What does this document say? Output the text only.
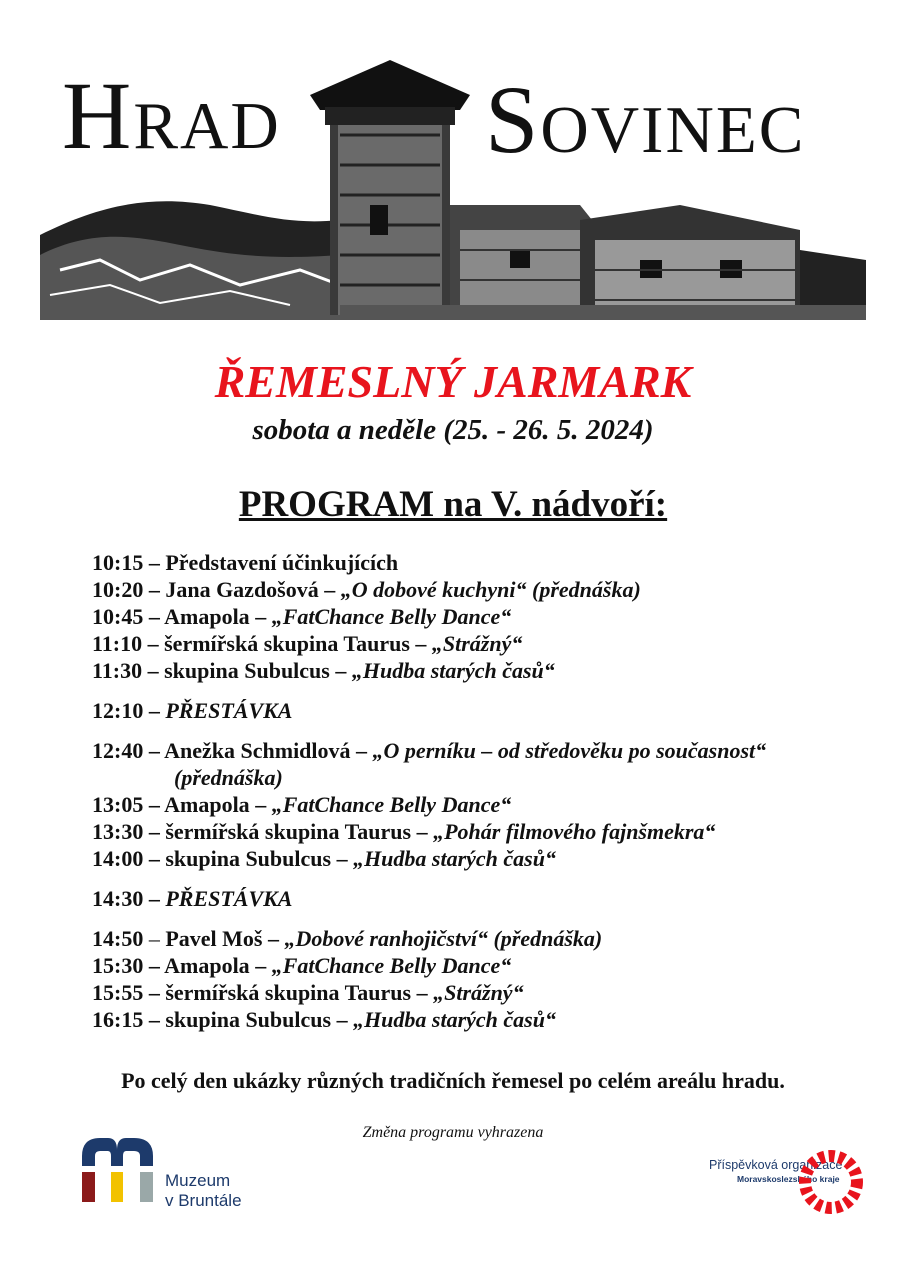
Hrad Sovinec
ŘEMESLNÝ JARMARK
sobota a neděle (25. - 26. 5. 2024)
PROGRAM na V. nádvoří:
10:15 – Představení účinkujících
10:20 – Jana Gazdošová – „O dobové kuchyni“ (přednáška)
10:45 – Amapola – „FatChance Belly Dance“
11:10 – šermířská skupina Taurus – „Strážný“
11:30 – skupina Subulcus – „Hudba starých časů“
12:10 – PŘESTÁVKA
12:40 – Anežka Schmidlová – „O perníku – od středověku po současnost“
(přednáška)
13:05 – Amapola – „FatChance Belly Dance“
13:30 – šermířská skupina Taurus – „Pohár filmového fajnšmekra“
14:00 – skupina Subulcus – „Hudba starých časů“
14:30 – PŘESTÁVKA
14:50 – Pavel Moš – „Dobové ranhojičství“ (přednáška)
15:30 – Amapola – „FatChance Belly Dance“
15:55 – šermířská skupina Taurus – „Strážný“
16:15 – skupina Subulcus – „Hudba starých časů“
Po celý den ukázky různých tradičních řemesel po celém areálu hradu.
Změna programu vyhrazena
Muzeum
v Bruntále
Příspěvková organizace
Moravskoslezského kraje
